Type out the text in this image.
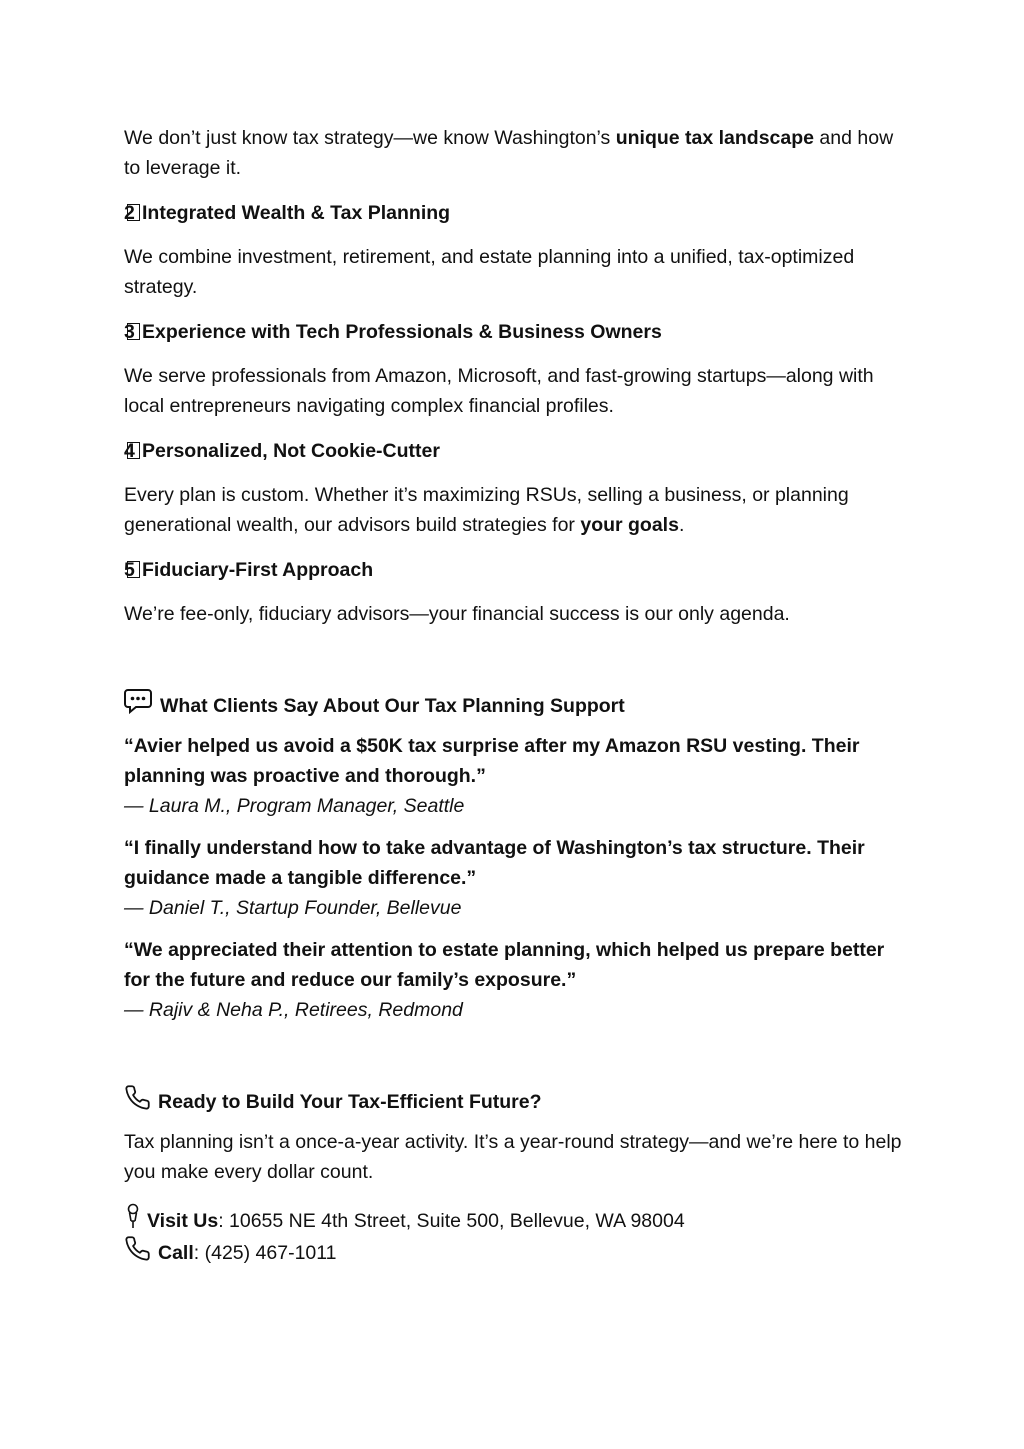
We don’t just know tax strategy—we know Washington’s unique tax landscape and how to leverage it.

2 Integrated Wealth & Tax Planning

We combine investment, retirement, and estate planning into a unified, tax-optimized strategy.

3 Experience with Tech Professionals & Business Owners

We serve professionals from Amazon, Microsoft, and fast-growing startups—along with local entrepreneurs navigating complex financial profiles.

4 Personalized, Not Cookie-Cutter

Every plan is custom. Whether it’s maximizing RSUs, selling a business, or planning generational wealth, our advisors build strategies for your goals.

5 Fiduciary-First Approach

We’re fee-only, fiduciary advisors—your financial success is our only agenda.

What Clients Say About Our Tax Planning Support

“Avier helped us avoid a $50K tax surprise after my Amazon RSU vesting. Their planning was proactive and thorough.”

— Laura M., Program Manager, Seattle

“I finally understand how to take advantage of Washington’s tax structure. Their guidance made a tangible difference.”

— Daniel T., Startup Founder, Bellevue

“We appreciated their attention to estate planning, which helped us prepare better for the future and reduce our family’s exposure.”

— Rajiv & Neha P., Retirees, Redmond

Ready to Build Your Tax-Efficient Future?

Tax planning isn’t a once-a-year activity. It’s a year-round strategy—and we’re here to help you make every dollar count.

Visit Us : 10655 NE 4th Street, Suite 500, Bellevue, WA 98004

Call : (425) 467-1011
